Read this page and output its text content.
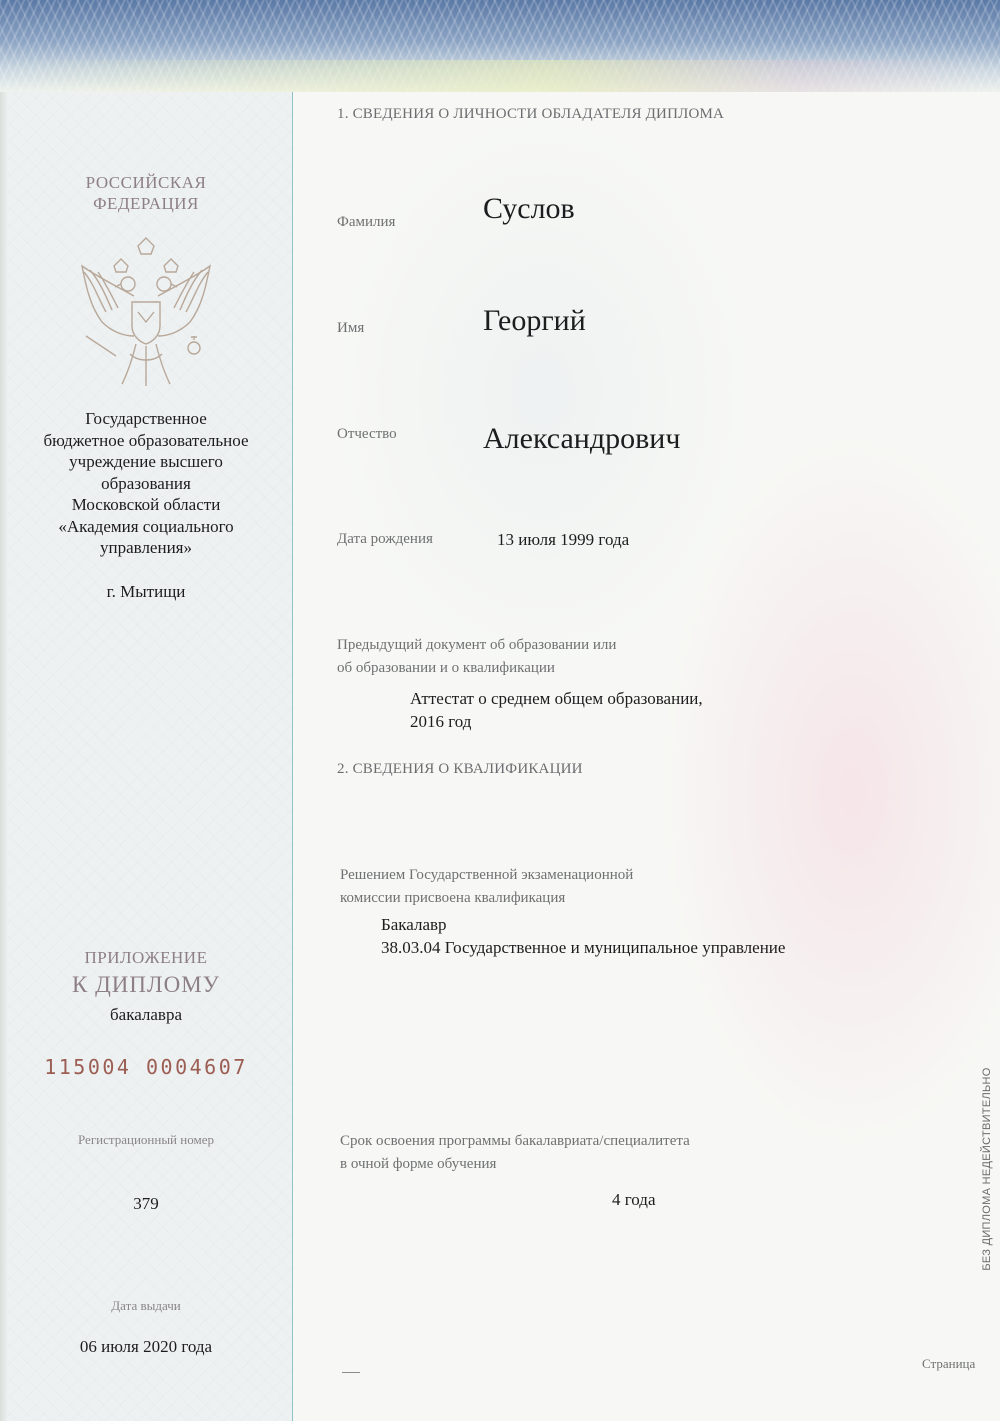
РОССИЙСКАЯ
ФЕДЕРАЦИЯ
Государственное
бюджетное образовательное
учреждение высшего
образования
Московской области
«Академия социального
управления»
г. Мытищи
ПРИЛОЖЕНИЕ
К ДИПЛОМУ
бакалавра
115004 0004607
Регистрационный номер
379
Дата выдачи
06 июля 2020 года
1. СВЕДЕНИЯ О ЛИЧНОСТИ ОБЛАДАТЕЛЯ ДИПЛОМА
Фамилия	Суслов
Имя	Георгий
Отчество	Александрович
Дата рождения	13 июля 1999 года
Предыдущий документ об образовании или
об образовании и о квалификации
Аттестат о среднем общем образовании,
2016 год
2. СВЕДЕНИЯ О КВАЛИФИКАЦИИ
Решением Государственной экзаменационной
комиссии присвоена квалификация
Бакалавр
38.03.04 Государственное и муниципальное управление
Срок освоения программы бакалавриата/специалитета
в очной форме обучения
4 года	БЕЗ ДИПЛОМА НЕДЕЙСТВИТЕЛЬНО
Страница
